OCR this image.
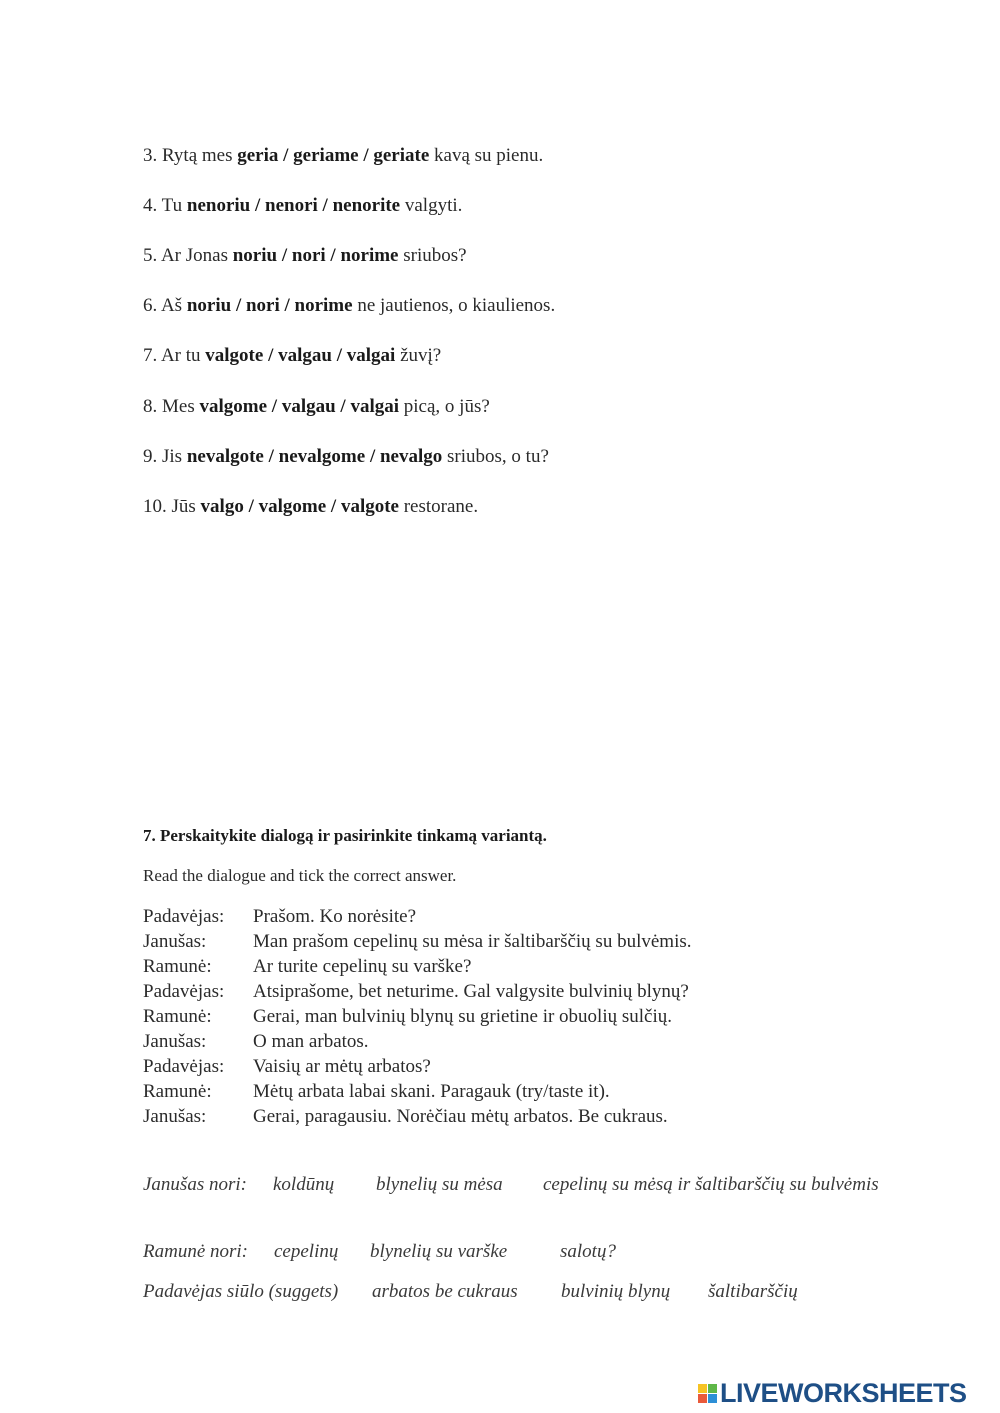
3. Rytą mes geria / geriame / geriate kavą su pienu.
4. Tu nenoriu / nenori / nenorite valgyti.
5. Ar Jonas noriu / nori / norime sriubos?
6. Aš noriu / nori / norime ne jautienos, o kiaulienos.
7. Ar tu valgote / valgau / valgai žuvį?
8. Mes valgome / valgau / valgai picą, o jūs?
9. Jis nevalgote / nevalgome / nevalgo sriubos, o tu?
10. Jūs valgo / valgome / valgote restorane.
7. Perskaitykite dialogą ir pasirinkite tinkamą variantą.
Read the dialogue and tick the correct answer.
Padavėjas: Prašom. Ko norėsite?
Janušas: Man prašom cepelinų su mėsa ir šaltibarščių su bulvėmis.
Ramunė: Ar turite cepelinų su varške?
Padavėjas: Atsiprašome, bet neturime. Gal valgysite bulvinių blynų?
Ramunė: Gerai, man bulvinių blynų su grietine ir obuolių sulčių.
Janušas: O man arbatos.
Padavėjas: Vaisių ar mėtų arbatos?
Ramunė: Mėtų arbata labai skani. Paragauk (try/taste it).
Janušas: Gerai, paragausiu. Norėčiau mėtų arbatos. Be cukraus.
Janušas nori: koldūnų blynelių su mėsa cepelinų su mėsą ir šaltibarščių su bulvėmis
Ramunė nori: cepelinų blynelių su varške	salotų?
Padavėjas siūlo (suggets) arbatos be cukraus bulvinių blynų šaltibarščių
LIVEWORKSHEETS
